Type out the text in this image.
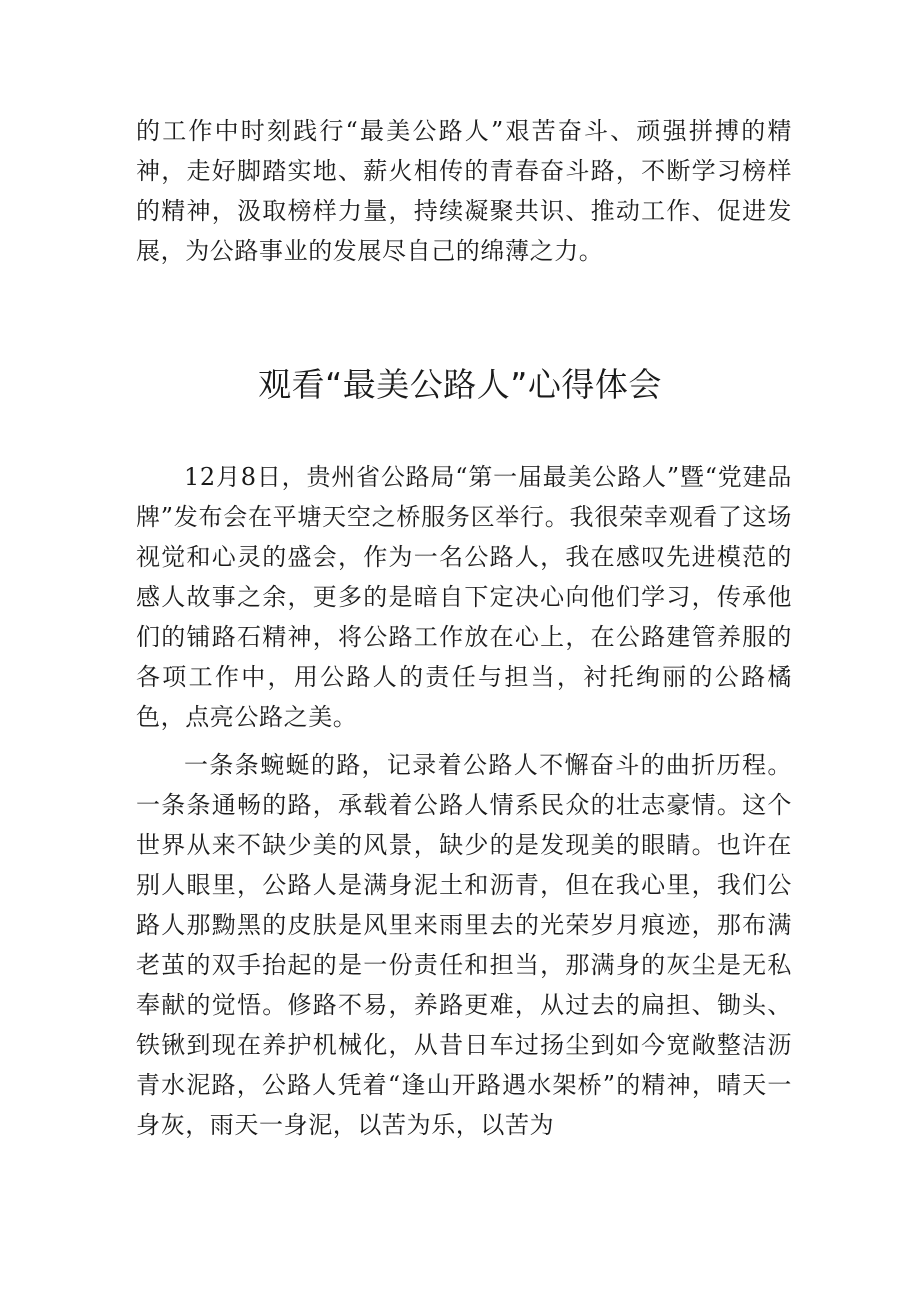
的工作中时刻践行“最美公路人”艰苦奋斗、顽强拼搏的精神，走好脚踏实地、薪火相传的青春奋斗路，不断学习榜样的精神，汲取榜样力量，持续凝聚共识、推动工作、促进发展，为公路事业的发展尽自己的绵薄之力。

观看“最美公路人”心得体会

12月8日，贵州省公路局“第一届最美公路人”暨“党建品牌”发布会在平塘天空之桥服务区举行。我很荣幸观看了这场视觉和心灵的盛会，作为一名公路人，我在感叹先进模范的感人故事之余，更多的是暗自下定决心向他们学习，传承他们的铺路石精神，将公路工作放在心上，在公路建管养服的各项工作中，用公路人的责任与担当，衬托绚丽的公路橘色，点亮公路之美。

一条条蜿蜒的路，记录着公路人不懈奋斗的曲折历程。一条条通畅的路，承载着公路人情系民众的壮志豪情。这个世界从来不缺少美的风景，缺少的是发现美的眼睛。也许在别人眼里，公路人是满身泥土和沥青，但在我心里，我们公路人那黝黑的皮肤是风里来雨里去的光荣岁月痕迹，那布满老茧的双手抬起的是一份责任和担当，那满身的灰尘是无私奉献的觉悟。修路不易，养路更难，从过去的扁担、锄头、铁锹到现在养护机械化，从昔日车过扬尘到如今宽敞整洁沥青水泥路，公路人凭着“逢山开路遇水架桥”的精神，晴天一身灰，雨天一身泥，以苦为乐，以苦为
